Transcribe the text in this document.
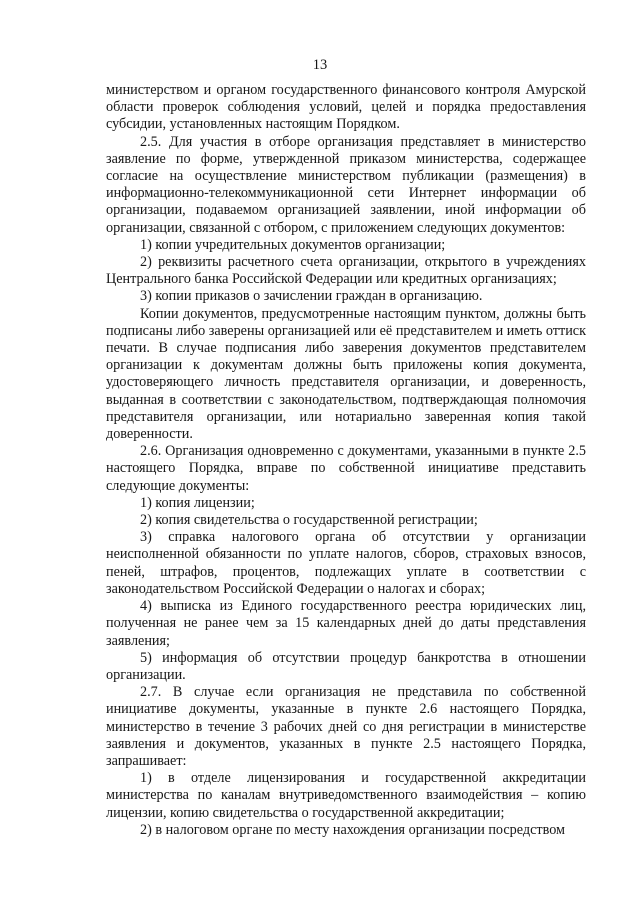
13

министерством и органом государственного финансового контроля Амурской области проверок соблюдения условий, целей и порядка предоставления субсидии, установленных настоящим Порядком.

2.5. Для участия в отборе организация представляет в министерство заявление по форме, утвержденной приказом министерства, содержащее согласие на осуществление министерством публикации (размещения) в информационно-телекоммуникационной сети Интернет информации об организации, подаваемом организацией заявлении, иной информации об организации, связанной с отбором, с приложением следующих документов:

1) копии учредительных документов организации;

2) реквизиты расчетного счета организации, открытого в учреждениях Центрального банка Российской Федерации или кредитных организациях;

3) копии приказов о зачислении граждан в организацию.

Копии документов, предусмотренные настоящим пунктом, должны быть подписаны либо заверены организацией или её представителем и иметь оттиск печати. В случае подписания либо заверения документов представителем организации к документам должны быть приложены копия документа, удостоверяющего личность представителя организации, и доверенность, выданная в соответствии с законодательством, подтверждающая полномочия представителя организации, или нотариально заверенная копия такой доверенности.

2.6. Организация одновременно с документами, указанными в пункте 2.5 настоящего Порядка, вправе по собственной инициативе представить следующие документы:

1) копия лицензии;

2) копия свидетельства о государственной регистрации;

3) справка налогового органа об отсутствии у организации неисполненной обязанности по уплате налогов, сборов, страховых взносов, пеней, штрафов, процентов, подлежащих уплате в соответствии с законодательством Российской Федерации о налогах и сборах;

4) выписка из Единого государственного реестра юридических лиц, полученная не ранее чем за 15 календарных дней до даты представления заявления;

5) информация об отсутствии процедур банкротства в отношении организации.

2.7. В случае если организация не представила по собственной инициативе документы, указанные в пункте 2.6 настоящего Порядка, министерство в течение 3 рабочих дней со дня регистрации в министерстве заявления и документов, указанных в пункте 2.5 настоящего Порядка, запрашивает:

1) в отделе лицензирования и государственной аккредитации министерства по каналам внутриведомственного взаимодействия – копию лицензии, копию свидетельства о государственной аккредитации;

2) в налоговом органе по месту нахождения организации посредством
